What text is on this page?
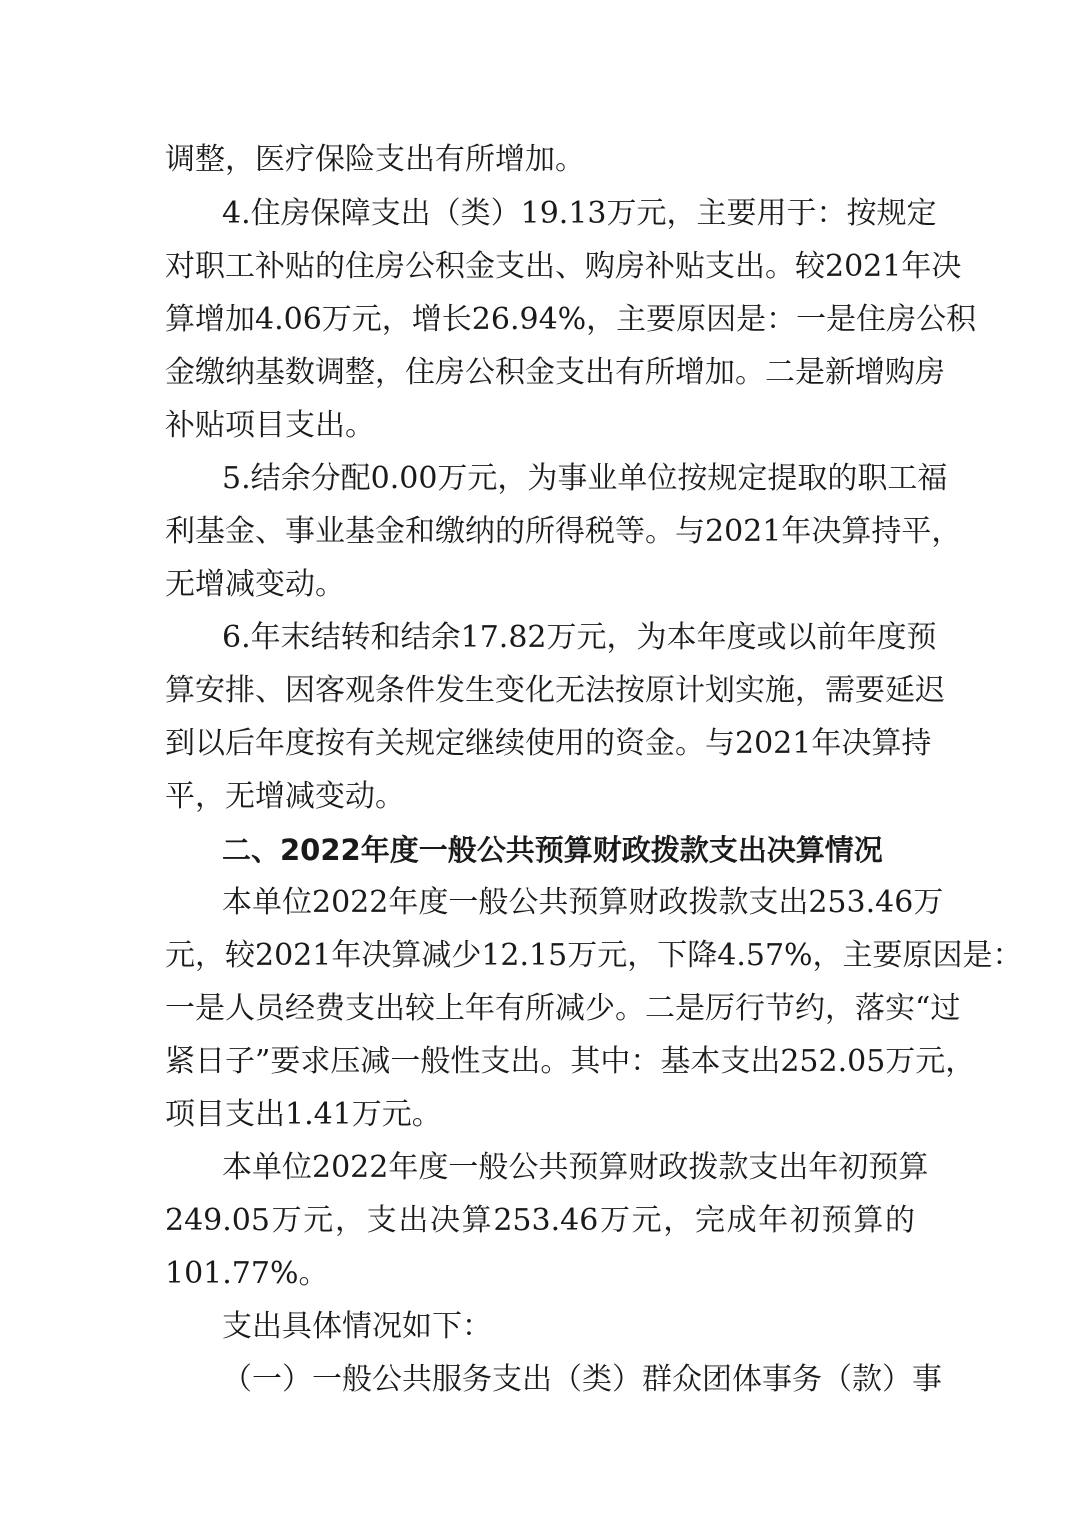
调整，医疗保险支出有所增加。
4.住房保障支出（类）19.13万元，主要用于：按规定
对职工补贴的住房公积金支出、购房补贴支出。较2021年决
算增加4.06万元，增长26.94%，主要原因是：一是住房公积
金缴纳基数调整，住房公积金支出有所增加。二是新增购房
补贴项目支出。
5.结余分配0.00万元，为事业单位按规定提取的职工福
利基金、事业基金和缴纳的所得税等。与2021年决算持平，
无增减变动。
6.年末结转和结余17.82万元，为本年度或以前年度预
算安排、因客观条件发生变化无法按原计划实施，需要延迟
到以后年度按有关规定继续使用的资金。与2021年决算持
平，无增减变动。
二、2022年度一般公共预算财政拨款支出决算情况
本单位2022年度一般公共预算财政拨款支出253.46万
元，较2021年决算减少12.15万元，下降4.57%，主要原因是：
一是人员经费支出较上年有所减少。二是厉行节约，落实“过
紧日子”要求压减一般性支出。其中：基本支出252.05万元，
项目支出1.41万元。
本单位2022年度一般公共预算财政拨款支出年初预算
249.05万元，支出决算253.46万元，完成年初预算的
101.77%。
支出具体情况如下：
（一）一般公共服务支出（类）群众团体事务（款）事
